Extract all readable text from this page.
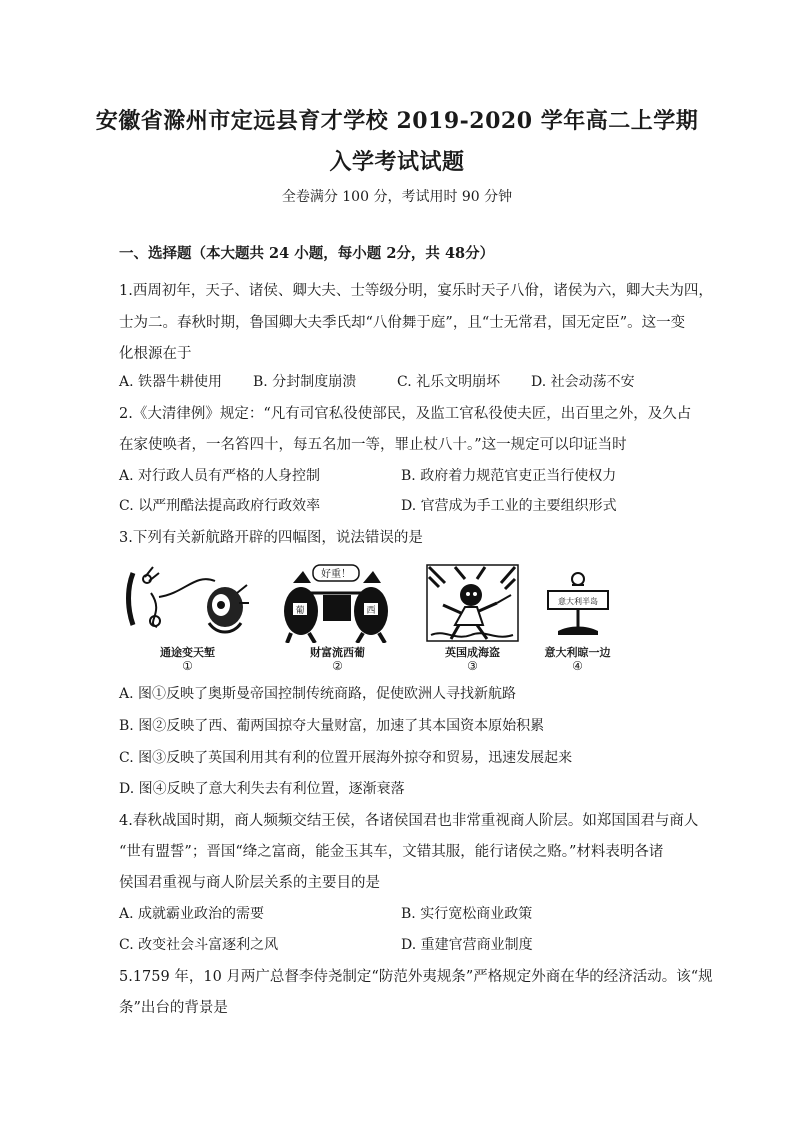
安徽省滁州市定远县育才学校 2019-2020 学年高二上学期
入学考试试题
全卷满分 100 分，考试用时 90 分钟
一、选择题（本大题共 24 小题，每小题 2分，共 48分）
1.西周初年，天子、诸侯、卿大夫、士等级分明，宴乐时天子八佾，诸侯为六，卿大夫为四，
士为二。春秋时期，鲁国卿大夫季氏却“八佾舞于庭”，且“士无常君，国无定臣”。这一变
化根源在于
A. 铁器牛耕使用 B. 分封制度崩溃	C. 礼乐文明崩坏 D. 社会动荡不安
2.《大清律例》规定：“凡有司官私役使部民，及监工官私役使夫匠，出百里之外，及久占
在家使唤者，一名笞四十，每五名加一等，罪止杖八十。”这一规定可以印证当时
A. 对行政人员有严格的人身控制	B. 政府着力规范官吏正当行使权力
C. 以严刑酷法提高政府行政效率	D. 官营成为手工业的主要组织形式
3.下列有关新航路开辟的四幅图，说法错误的是
通途变天堑
①
好重！
葡	西
财富流西葡
②
英国成海盗
③
意大利半岛
意大利晾一边
④
A. 图①反映了奥斯曼帝国控制传统商路，促使欧洲人寻找新航路
B. 图②反映了西、葡两国掠夺大量财富，加速了其本国资本原始积累
C. 图③反映了英国利用其有利的位置开展海外掠夺和贸易，迅速发展起来
D. 图④反映了意大利失去有利位置，逐渐衰落
4.春秋战国时期，商人频频交结王侯，各诸侯国君也非常重视商人阶层。如郑国国君与商人
“世有盟誓”；晋国“绛之富商，能金玉其车，文错其服，能行诸侯之赂。”材料表明各诸
侯国君重视与商人阶层关系的主要目的是
A. 成就霸业政治的需要	B. 实行宽松商业政策
C. 改变社会斗富逐利之风	D. 重建官营商业制度
5.1759 年，10 月两广总督李侍尧制定“防范外夷规条”严格规定外商在华的经济活动。该“规
条”出台的背景是
